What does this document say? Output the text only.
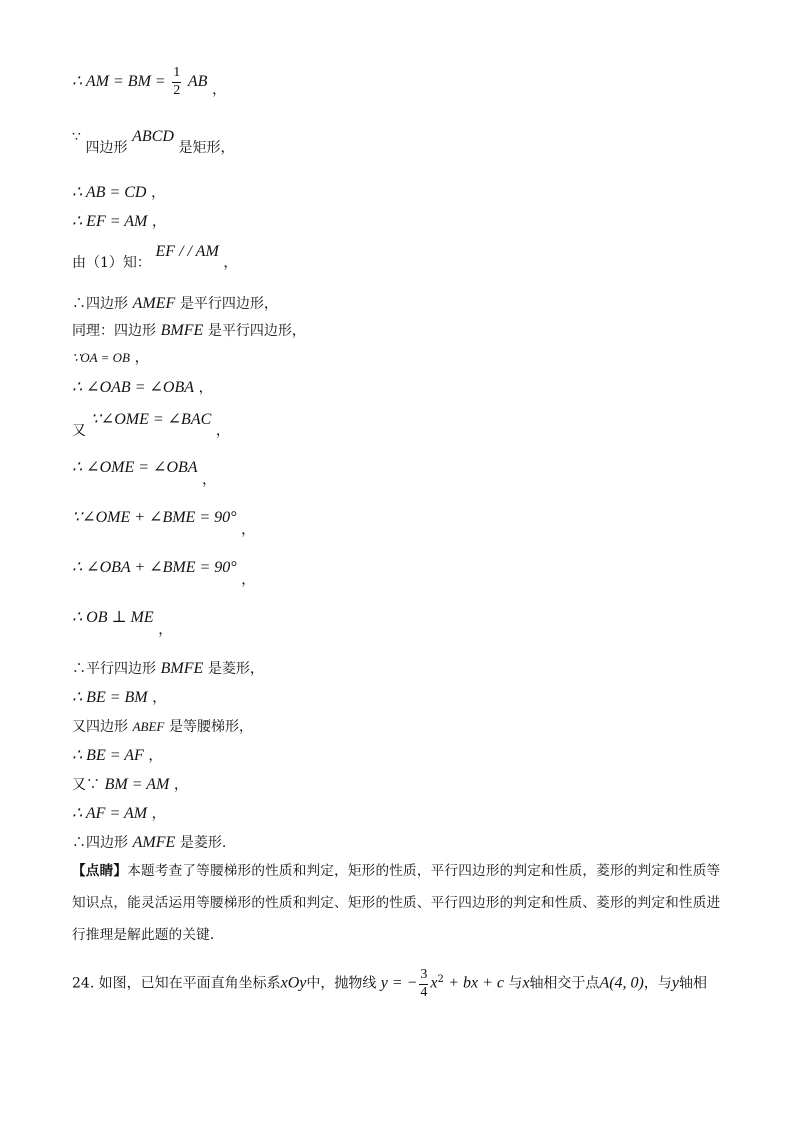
∴ AM = BM = $\frac{1}{2}$ AB ，
∵ 四边形 ABCD 是矩形，
∴ AB = CD ，
∴ EF = AM ，
由（1）知： EF / / AM ，
∴四边形 AMEF 是平行四边形，
同理：四边形 BMFE 是平行四边形，
∵OA = OB ，
∴ ∠OAB = ∠OBA ，
又 ∵∠OME = ∠BAC ，
∴ ∠OME = ∠OBA ，
∵∠OME + ∠BME = 90° ，
∴ ∠OBA + ∠BME = 90° ，
∴ OB ⊥ ME ，
∴平行四边形 BMFE 是菱形，
∴ BE = BM ，
又四边形 ABEF 是等腰梯形，
∴ BE = AF ，
又∵ BM = AM ，
∴ AF = AM ，
∴四边形 AMFE 是菱形.
【点睛】本题考查了等腰梯形的性质和判定，矩形的性质，平行四边形的判定和性质，菱形的判定和性质等知识点，能灵活运用等腰梯形的性质和判定、矩形的性质、平行四边形的判定和性质、菱形的判定和性质进行推理是解此题的关键.
24. 如图，已知在平面直角坐标系xOy中，抛物线 y = − $\frac{3}{4} x^2$ + bx + c 与x轴相交于点A(4, 0)，与y轴相
